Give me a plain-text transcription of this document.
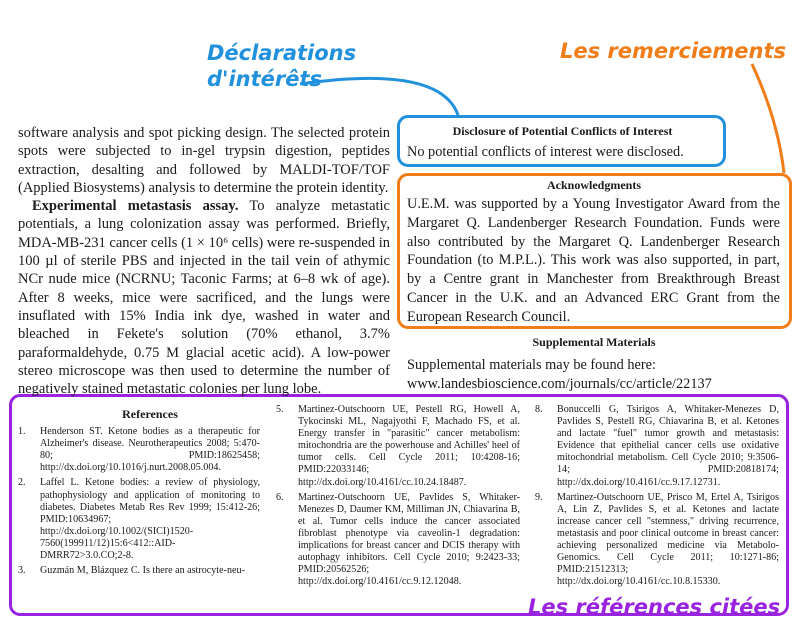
Déclarations d'intérêts

Les remerciements

Les références citées

software analysis and spot picking design. The selected protein spots were subjected to in-gel trypsin digestion, peptides extraction, desalting and followed by MALDI-TOF/TOF (Applied Biosystems) analysis to determine the protein identity.

Experimental metastasis assay. To analyze metastatic potentials, a lung colonization assay was performed. Briefly, MDA-MB-231 cancer cells (1 × 10⁶ cells) were re-suspended in 100 µl of sterile PBS and injected in the tail vein of athymic NCr nude mice (NCRNU; Taconic Farms; at 6–8 wk of age). After 8 weeks, mice were sacrificed, and the lungs were insuflated with 15% India ink dye, washed in water and bleached in Fekete's solution (70% ethanol, 3.7% paraformaldehyde, 0.75 M glacial acetic acid). A low-power stereo microscope was then used to determine the number of negatively stained metastatic colonies per lung lobe.

Disclosure of Potential Conflicts of Interest

No potential conflicts of interest were disclosed.

Acknowledgments

U.E.M. was supported by a Young Investigator Award from the Margaret Q. Landenberger Research Foundation. Funds were also contributed by the Margaret Q. Landenberger Research Foundation (to M.P.L.). This work was also supported, in part, by a Centre grant in Manchester from Breakthrough Breast Cancer in the U.K. and an Advanced ERC Grant from the European Research Council.

Supplemental Materials

Supplemental materials may be found here:
www.landesbioscience.com/journals/cc/article/22137

References

1. Henderson ST. Ketone bodies as a therapeutic for Alzheimer's disease. Neurotherapeutics 2008; 5:470-80; PMID:18625458; http://dx.doi.org/10.1016/j.nurt.2008.05.004.
2. Laffel L. Ketone bodies: a review of physiology, pathophysiology and application of monitoring to diabetes. Diabetes Metab Res Rev 1999; 15:412-26; PMID:10634967; http://dx.doi.org/10.1002/(SICI)1520-7560(199911/12)15:6<412::AID-DMRR72>3.0.CO;2-8.
3. Guzmán M, Blázquez C. Is there an astrocyte-neu-
5. Martinez-Outschoorn UE, Pestell RG, Howell A, Tykocinski ML, Nagajyothi F, Machado FS, et al. Energy transfer in "parasitic" cancer metabolism: mitochondria are the powerhouse and Achilles' heel of tumor cells. Cell Cycle 2011; 10:4208-16; PMID:22033146; http://dx.doi.org/10.4161/cc.10.24.18487.
6. Martinez-Outschoorn UE, Pavlides S, Whitaker-Menezes D, Daumer KM, Milliman JN, Chiavarina B, et al. Tumor cells induce the cancer associated fibroblast phenotype via caveolin-1 degradation: implications for breast cancer and DCIS therapy with autophagy inhibitors. Cell Cycle 2010; 9:2423-33; PMID:20562526; http://dx.doi.org/10.4161/cc.9.12.12048.
8. Bonuccelli G, Tsirigos A, Whitaker-Menezes D, Pavlides S, Pestell RG, Chiavarina B, et al. Ketones and lactate "fuel" tumor growth and metastasis: Evidence that epithelial cancer cells use oxidative mitochondrial metabolism. Cell Cycle 2010; 9:3506-14; PMID:20818174; http://dx.doi.org/10.4161/cc.9.17.12731.
9. Martinez-Outschoorn UE, Prisco M, Ertel A, Tsirigos A, Lin Z, Pavlides S, et al. Ketones and lactate increase cancer cell "stemness," driving recurrence, metastasis and poor clinical outcome in breast cancer: achieving personalized medicine via Metabolo-Genomics. Cell Cycle 2011; 10:1271-86; PMID:21512313; http://dx.doi.org/10.4161/cc.10.8.15330.
